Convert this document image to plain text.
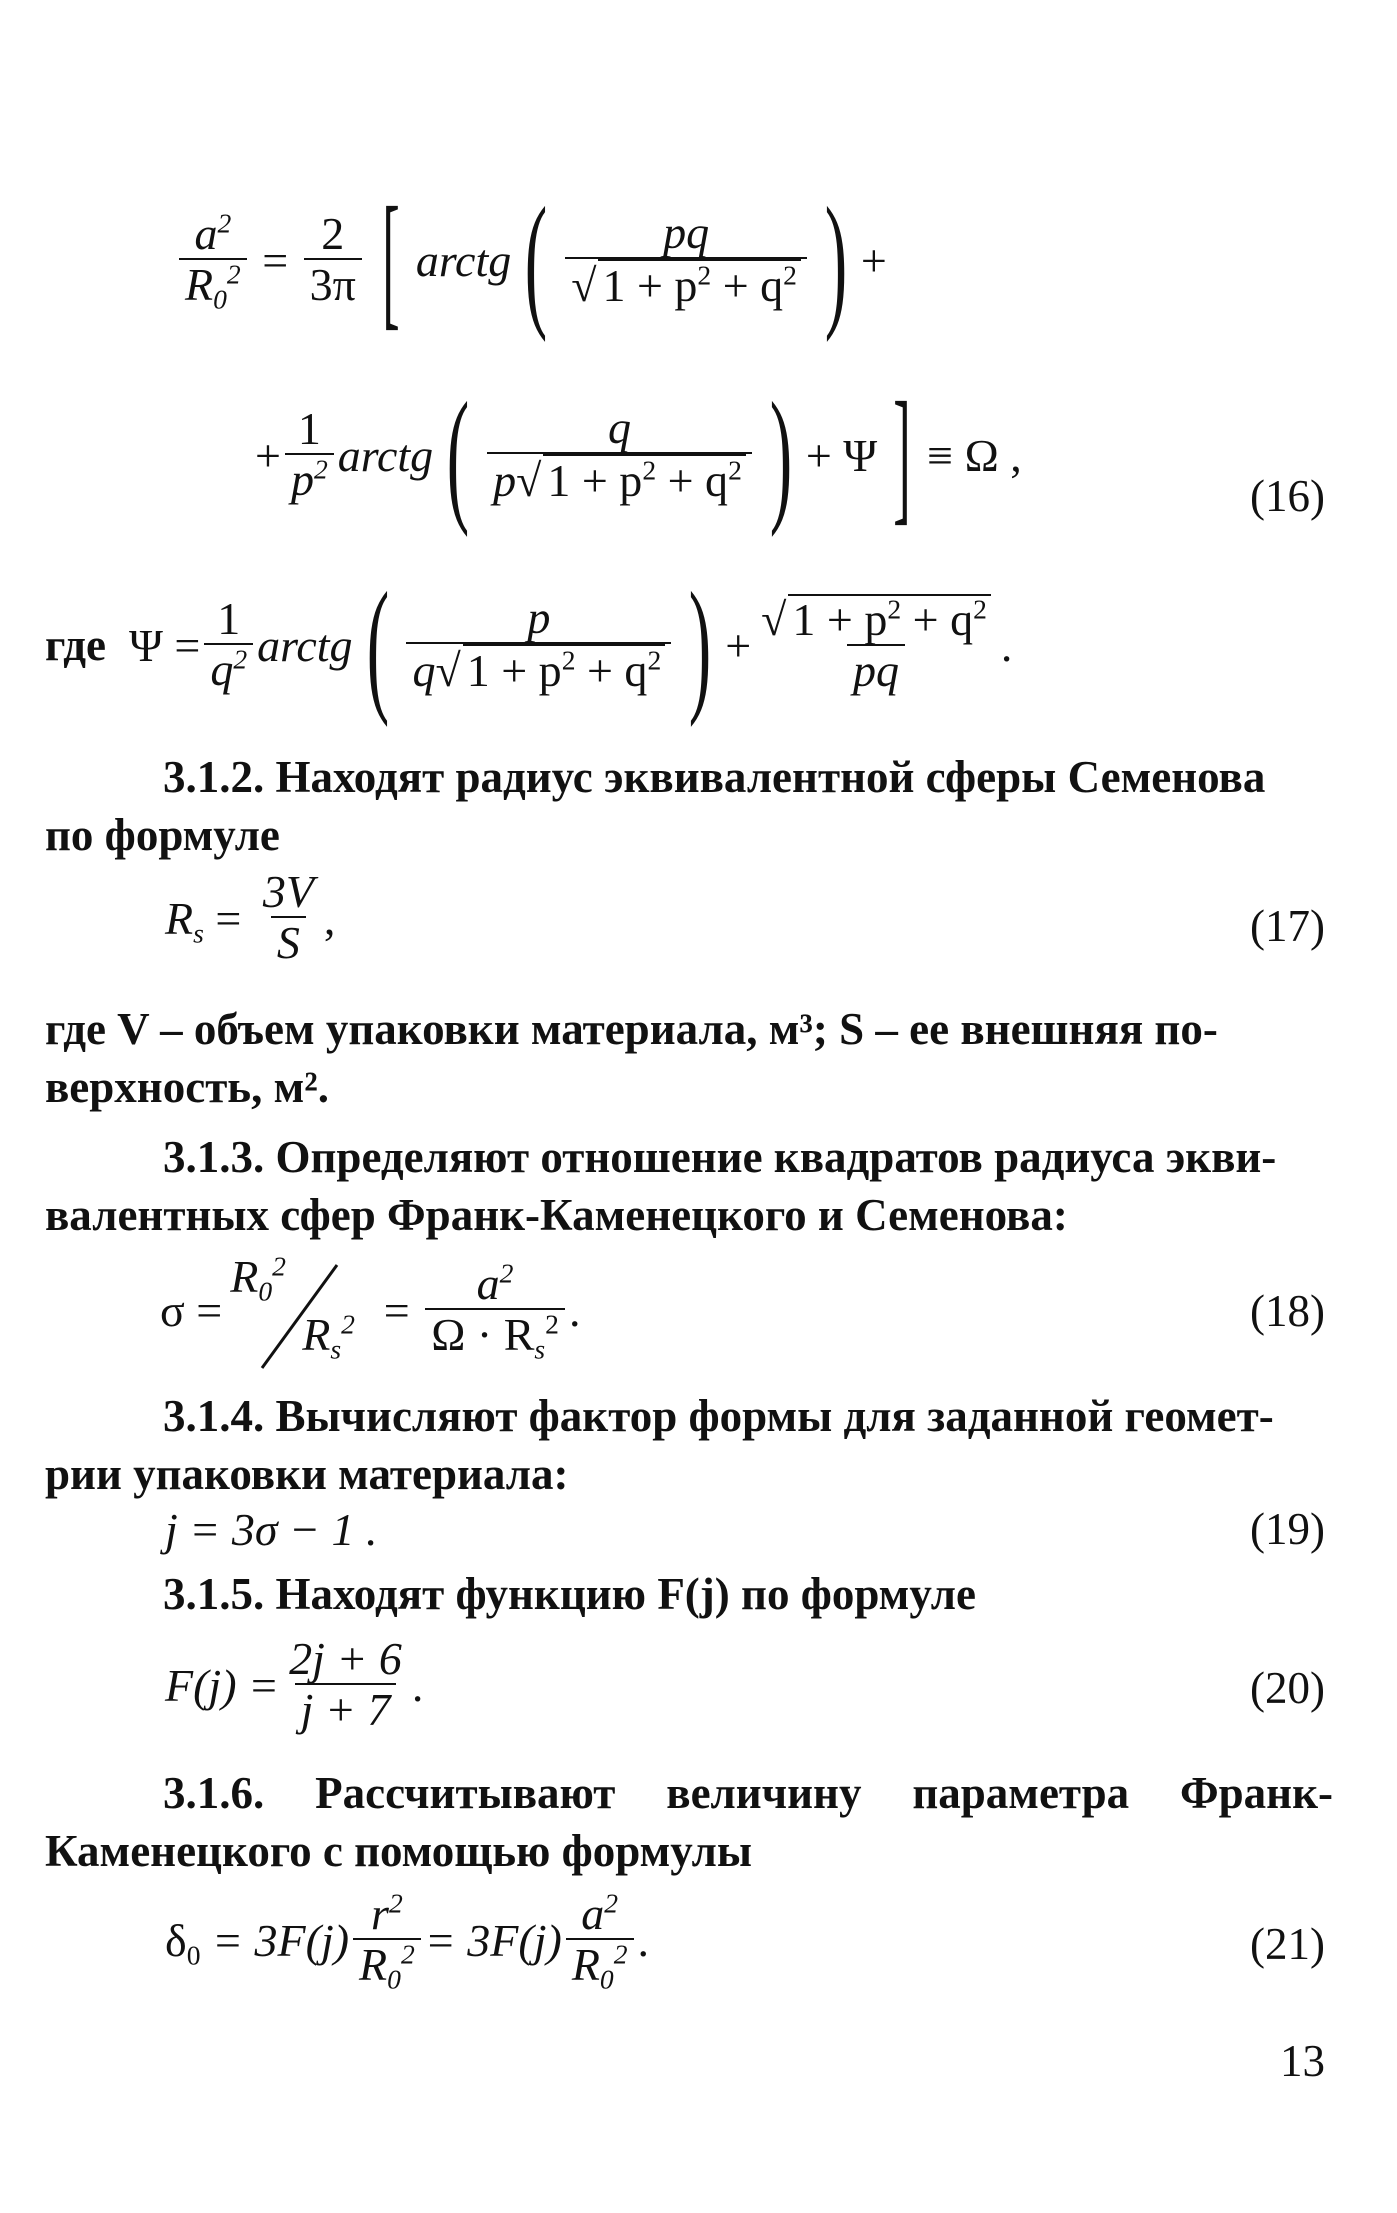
$\frac{a^2}{R_0^2} = \frac{2}{3\pi}$ [ arctg ( $\frac{pq}{√ 1 + p^2 + q^2}$ ) +
+ $\frac{1}{p^2}$ arctg ( $\frac{q}{p√ 1 + p^2 + q^2}$ ) + Ψ ] ≡ Ω ,
(16)
где
$\Psi = \frac{1}{q^2}$ arctg ( $\frac{p}{q√ 1 + p^2 + q^2}$ ) + $\frac{√ 1 + p^2 + q^2}{pq}$ .
3.1.2. Находят радиус эквивалентной сферы Семенова
по формуле
$R_s = \frac{3V}{S}$ ,	(17)
где V – объем упаковки материала, м³; S – ее внешняя по-
верхность, м².
3.1.3. Определяют отношение квадратов радиуса экви-
валентных сфер Франк-Каменецкого и Семенова:
σ =
$R_0^2$
$R_s^2 = \frac{a^2}{\Omega \cdot R_s^2}$ .	(18)
3.1.4. Вычисляют фактор формы для заданной геомет-
рии упаковки материала:
j = 3σ − 1 .	(19)
3.1.5. Находят функцию F(j) по формуле
$F(j) = \frac{2j + 6}{j + 7}$ .	(20)
3.1.6. Рассчитывают величину параметра Франк-
Каменецкого с помощью формулы
$\delta_0 = 3F(j) \frac{r^2}{R_0^2} = 3F(j) \frac{a^2}{R_0^2}$ .	(21)
13
